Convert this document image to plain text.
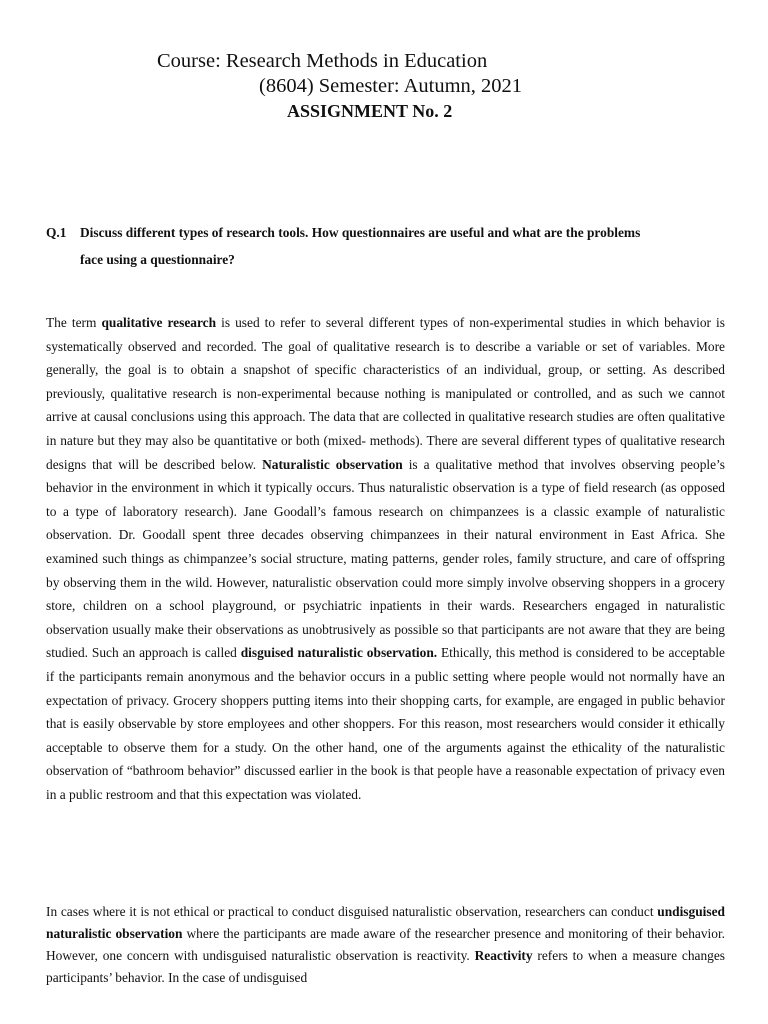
Course: Research Methods in Education
(8604) Semester: Autumn, 2021
ASSIGNMENT No. 2
Q.1	Discuss different types of research tools. How questionnaires are useful and what are the problems
face using a questionnaire?

The term qualitative research is used to refer to several different types of non-experimental studies in which behavior is systematically observed and recorded. The goal of qualitative research is to describe a variable or set of variables. More generally, the goal is to obtain a snapshot of specific characteristics of an individual, group, or setting. As described previously, qualitative research is non-experimental because nothing is manipulated or controlled, and as such we cannot arrive at causal conclusions using this approach. The data that are collected in qualitative research studies are often qualitative in nature but they may also be quantitative or both (mixed- methods). There are several different types of qualitative research designs that will be described below. Naturalistic observation is a qualitative method that involves observing people’s behavior in the environment in which it typically occurs. Thus naturalistic observation is a type of field research (as opposed to a type of laboratory research). Jane Goodall’s famous research on chimpanzees is a classic example of naturalistic observation. Dr. Goodall spent three decades observing chimpanzees in their natural environment in East Africa. She examined such things as chimpanzee’s social structure, mating patterns, gender roles, family structure, and care of offspring by observing them in the wild. However, naturalistic observation could more simply involve observing shoppers in a grocery store, children on a school playground, or psychiatric inpatients in their wards. Researchers engaged in naturalistic observation usually make their observations as unobtrusively as possible so that participants are not aware that they are being studied. Such an approach is called disguised naturalistic observation. Ethically, this method is considered to be acceptable if the participants remain anonymous and the behavior occurs in a public setting where people would not normally have an expectation of privacy. Grocery shoppers putting items into their shopping carts, for example, are engaged in public behavior that is easily observable by store employees and other shoppers. For this reason, most researchers would consider it ethically acceptable to observe them for a study. On the other hand, one of the arguments against the ethicality of the naturalistic observation of “bathroom behavior” discussed earlier in the book is that people have a reasonable expectation of privacy even in a public restroom and that this expectation was violated.

In cases where it is not ethical or practical to conduct disguised naturalistic observation, researchers can conduct undisguised naturalistic observation where the participants are made aware of the researcher presence and monitoring of their behavior. However, one concern with undisguised naturalistic observation is reactivity. Reactivity refers to when a measure changes participants’ behavior. In the case of undisguised
